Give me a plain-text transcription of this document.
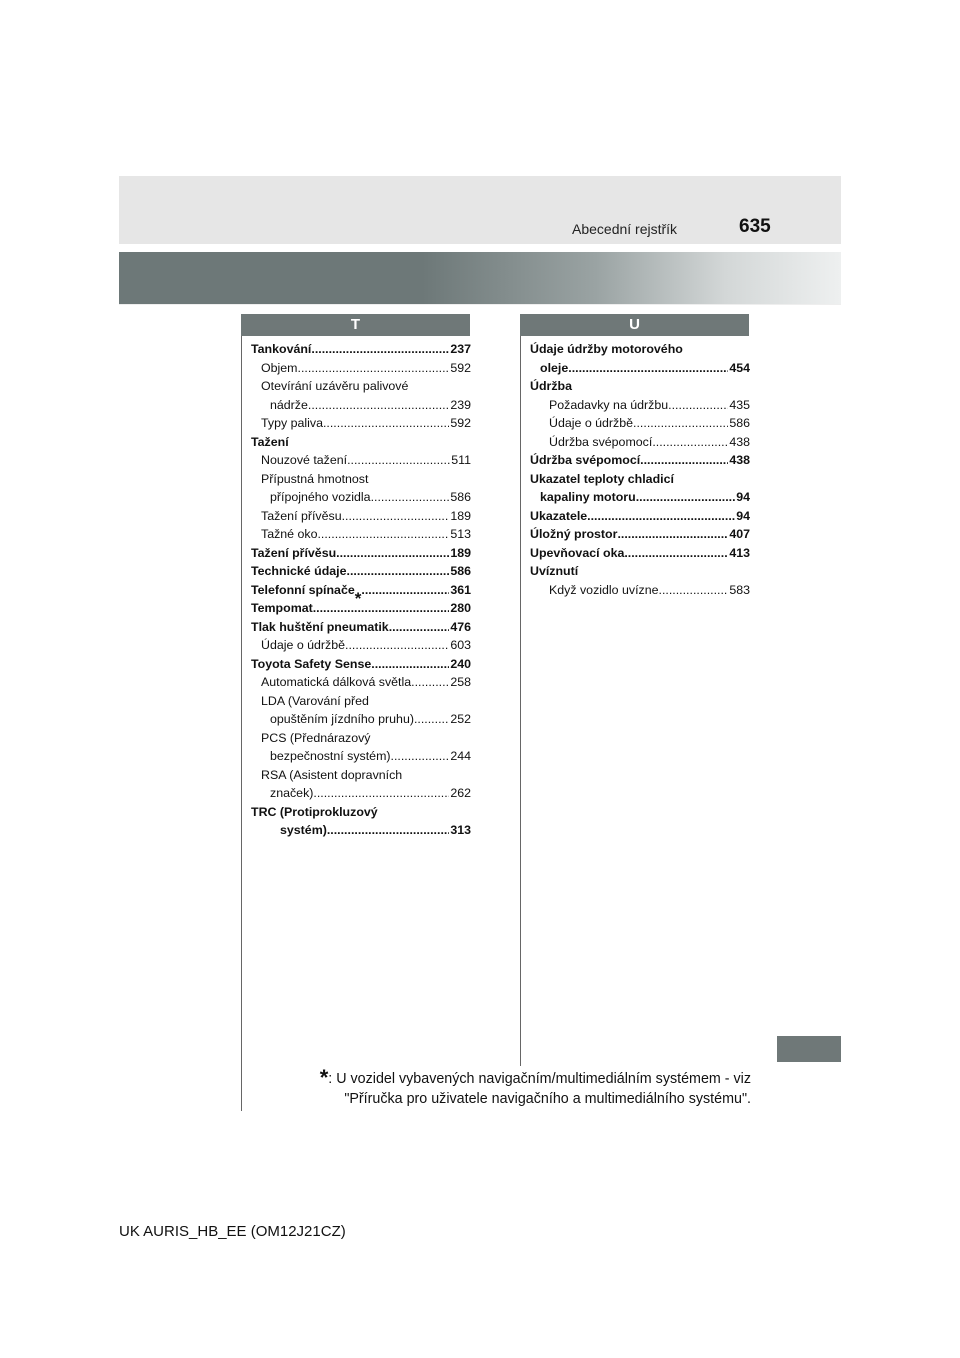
Abecední rejstřík	635
T	U
Tankování .....	237
Objem .....	592
Otevírání uzávěru palivové
nádrže .....	239
Typy paliva .....	592
Tažení
Nouzové tažení .....	511
Přípustná hmotnost
přípojného vozidla .....	586
Tažení přívěsu .....	189
Tažné oko .....	513
Tažení přívěsu .....	189
Technické údaje .....	586
Telefonní spínače * .....	361
Tempomat .....	280
Tlak huštění pneumatik .....	476
Údaje o údržbě .....	603
Toyota Safety Sense .....	240
Automatická dálková světla .....	258
LDA (Varování před
opuštěním jízdního pruhu) .....	252
PCS (Přednárazový
bezpečnostní systém) .....	244
RSA (Asistent dopravních
značek) .....	262
TRC (Protiprokluzový
systém) .....	313
Údaje údržby motorového
oleje .....	454
Údržba
Požadavky na údržbu .....	435
Údaje o údržbě .....	586
Údržba svépomocí .....	438
Údržba svépomocí .....	438
Ukazatel teploty chladicí
kapaliny motoru .....	94
Ukazatele .....	94
Úložný prostor .....	407
Upevňovací oka .....	413
Uvíznutí
Když vozidlo uvízne .....	583
*: U vozidel vybavených navigačním/multimediálním systémem - viz
"Příručka pro uživatele navigačního a multimediálního systému".
UK AURIS_HB_EE (OM12J21CZ)
